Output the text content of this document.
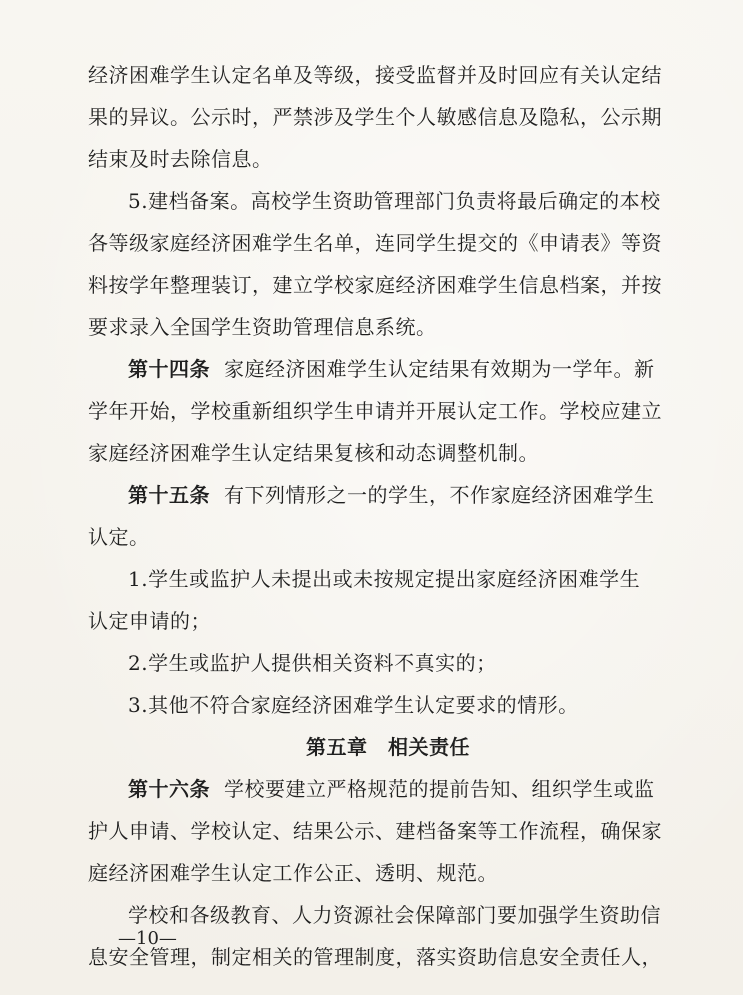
经济困难学生认定名单及等级，接受监督并及时回应有关认定结
果的异议。公示时，严禁涉及学生个人敏感信息及隐私，公示期
结束及时去除信息。
5.建档备案。高校学生资助管理部门负责将最后确定的本校
各等级家庭经济困难学生名单，连同学生提交的《申请表》等资
料按学年整理装订，建立学校家庭经济困难学生信息档案，并按
要求录入全国学生资助管理信息系统。
第十四条 家庭经济困难学生认定结果有效期为一学年。新
学年开始，学校重新组织学生申请并开展认定工作。学校应建立
家庭经济困难学生认定结果复核和动态调整机制。
第十五条 有下列情形之一的学生，不作家庭经济困难学生
认定。
1.学生或监护人未提出或未按规定提出家庭经济困难学生
认定申请的；
2.学生或监护人提供相关资料不真实的；
3.其他不符合家庭经济困难学生认定要求的情形。
第五章　相关责任
第十六条 学校要建立严格规范的提前告知、组织学生或监
护人申请、学校认定、结果公示、建档备案等工作流程，确保家
庭经济困难学生认定工作公正、透明、规范。
学校和各级教育、人力资源社会保障部门要加强学生资助信
息安全管理，制定相关的管理制度，落实资助信息安全责任人，
—10—
